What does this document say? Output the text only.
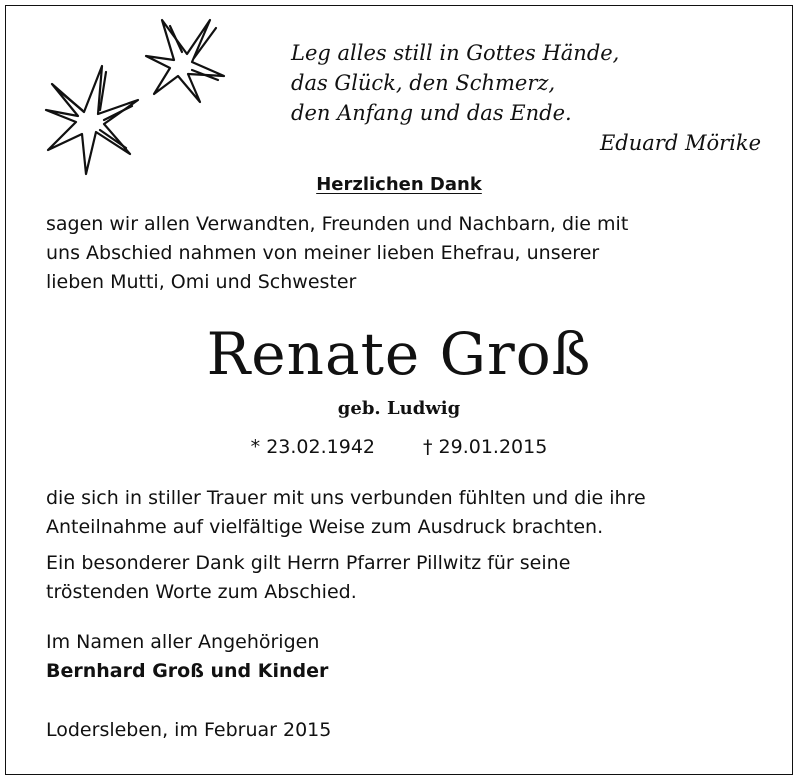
Leg alles still in Gottes Hände,
das Glück, den Schmerz,
den Anfang und das Ende.
Eduard Mörike
Herzlichen Dank
sagen wir allen Verwandten, Freunden und Nachbarn, die mit
uns Abschied nahmen von meiner lieben Ehefrau, unserer
lieben Mutti, Omi und Schwester
Renate Groß
geb. Ludwig
* 23.02.1942	† 29.01.2015
die sich in stiller Trauer mit uns verbunden fühlten und die ihre
Anteilnahme auf vielfältige Weise zum Ausdruck brachten.
Ein besonderer Dank gilt Herrn Pfarrer Pillwitz für seine
tröstenden Worte zum Abschied.
Im Namen aller Angehörigen
Bernhard Groß und Kinder
Lodersleben, im Februar 2015
